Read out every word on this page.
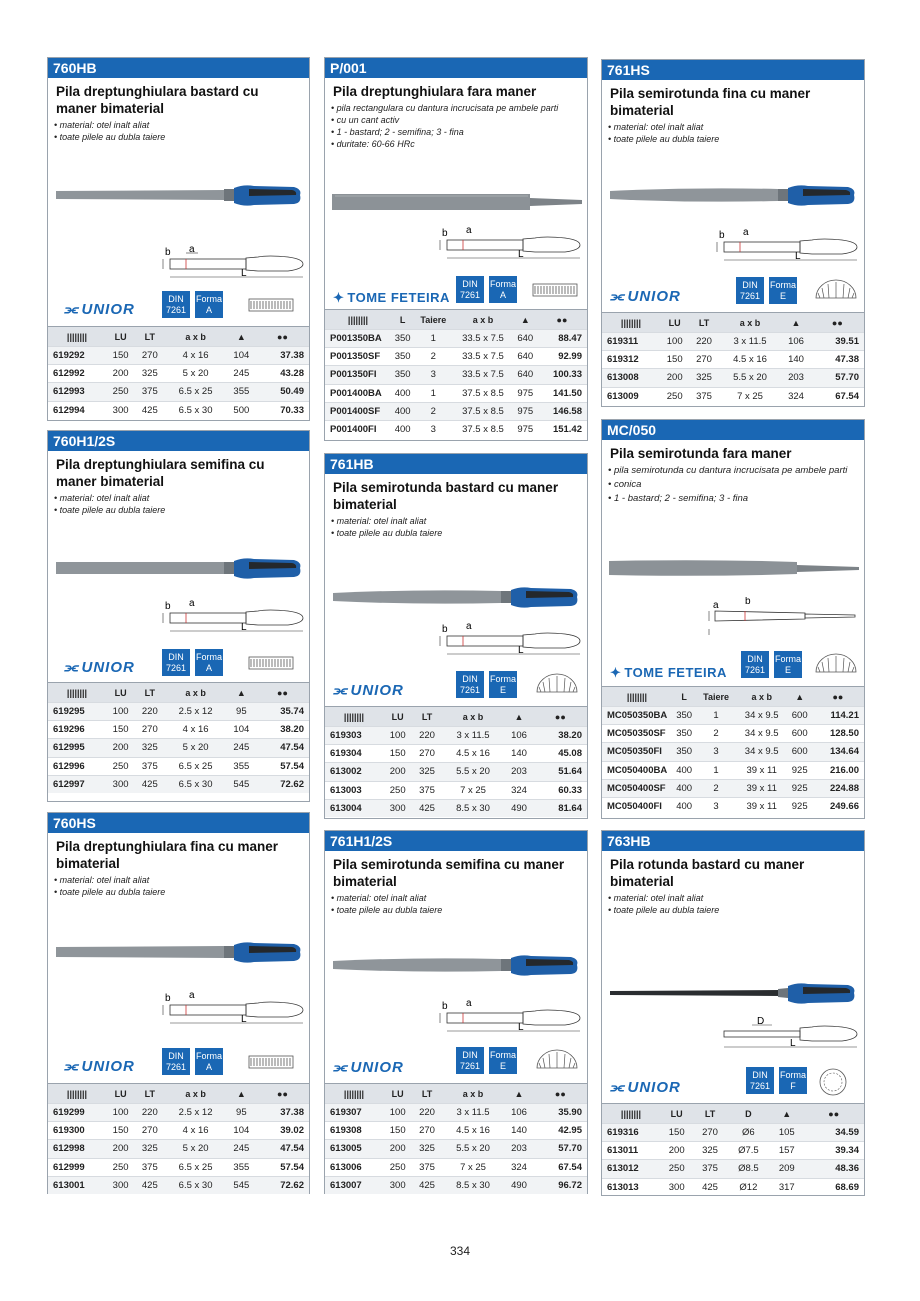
760HB
Pila dreptunghiulara bastard cu maner bimaterial
• material: otel inalt aliat
• toate pilele au dubla taiere
b a
L
⫘ UNIOR
DIN
7261
Forma
A
||||||||	LU	LT	a x b	▲	●●
619292	150	270	4 x 16	104	37.38
612992	200	325	5 x 20	245	43.28
612993	250	375	6.5 x 25	355	50.49
612994	300	425	6.5 x 30	500	70.33
760H1/2S
Pila dreptunghiulara semifina cu maner bimaterial
• material: otel inalt aliat
• toate pilele au dubla taiere
b a
L
⫘ UNIOR
DIN
7261
Forma
A
||||||||	LU	LT	a x b	▲	●●
619295	100	220	2.5 x 12	95	35.74
619296	150	270	4 x 16	104	38.20
612995	200	325	5 x 20	245	47.54
612996	250	375	6.5 x 25	355	57.54
612997	300	425	6.5 x 30	545	72.62
760HS
Pila dreptunghiulara fina cu maner bimaterial
• material: otel inalt aliat
• toate pilele au dubla taiere
b a
L
⫘ UNIOR
DIN
7261
Forma
A
||||||||	LU	LT	a x b	▲	●●
619299	100	220	2.5 x 12	95	37.38
619300	150	270	4 x 16	104	39.02
612998	200	325	5 x 20	245	47.54
612999	250	375	6.5 x 25	355	57.54
613001	300	425	6.5 x 30	545	72.62
P/001
Pila dreptunghiulara fara maner
• pila rectangulara cu dantura incrucisata pe ambele parti
• cu un cant activ
• 1 - bastard; 2 - semifina; 3 - fina
• duritate: 60-66 HRc
b a
L
✦ TOME FETEIRA
DIN
7261
Forma
A
||||||||	L	Taiere	a x b	▲	●●
P001350BA	350	1	33.5 x 7.5	640	88.47
P001350SF	350	2	33.5 x 7.5	640	92.99
P001350FI	350	3	33.5 x 7.5	640	100.33
P001400BA	400	1	37.5 x 8.5	975	141.50
P001400SF	400	2	37.5 x 8.5	975	146.58
P001400FI	400	3	37.5 x 8.5	975	151.42
761HB
Pila semirotunda bastard cu maner bimaterial
• material: otel inalt aliat
• toate pilele au dubla taiere
b a
L
⫘ UNIOR
DIN
7261
Forma
E
||||||||	LU	LT	a x b	▲	●●
619303	100	220	3 x 11.5	106	38.20
619304	150	270	4.5 x 16	140	45.08
613002	200	325	5.5 x 20	203	51.64
613003	250	375	7 x 25	324	60.33
613004	300	425	8.5 x 30	490	81.64
761H1/2S
Pila semirotunda semifina cu maner bimaterial
• material: otel inalt aliat
• toate pilele au dubla taiere
b a
L
⫘ UNIOR
DIN
7261
Forma
E
||||||||	LU	LT	a x b	▲	●●
619307	100	220	3 x 11.5	106	35.90
619308	150	270	4.5 x 16	140	42.95
613005	200	325	5.5 x 20	203	57.70
613006	250	375	7 x 25	324	67.54
613007	300	425	8.5 x 30	490	96.72
761HS
Pila semirotunda fina cu maner bimaterial
• material: otel inalt aliat
• toate pilele au dubla taiere
b a
L
⫘ UNIOR
DIN
7261
Forma
E
||||||||	LU	LT	a x b	▲	●●
619311	100	220	3 x 11.5	106	39.51
619312	150	270	4.5 x 16	140	47.38
613008	200	325	5.5 x 20	203	57.70
613009	250	375	7 x 25	324	67.54
MC/050
Pila semirotunda fara maner
• pila semirotunda cu dantura incrucisata pe ambele parti
• conica
• 1 - bastard; 2 - semifina; 3 - fina
a	b
✦ TOME FETEIRA
DIN
7261
Forma
E
||||||||	L	Taiere	a x b	▲	●●
MC050350BA	350	1	34 x 9.5	600	114.21
MC050350SF	350	2	34 x 9.5	600	128.50
MC050350FI	350	3	34 x 9.5	600	134.64
MC050400BA	400	1	39 x 11	925	216.00
MC050400SF	400	2	39 x 11	925	224.88
MC050400FI	400	3	39 x 11	925	249.66
763HB
Pila rotunda bastard cu maner bimaterial
• material: otel inalt aliat
• toate pilele au dubla taiere
D
L
⫘ UNIOR
DIN
7261
Forma
F
||||||||	LU	LT	D	▲	●●
619316	150	270	Ø6	105	34.59
613011	200	325	Ø7.5	157	39.34
613012	250	375	Ø8.5	209	48.36
613013	300	425	Ø12	317	68.69
334
